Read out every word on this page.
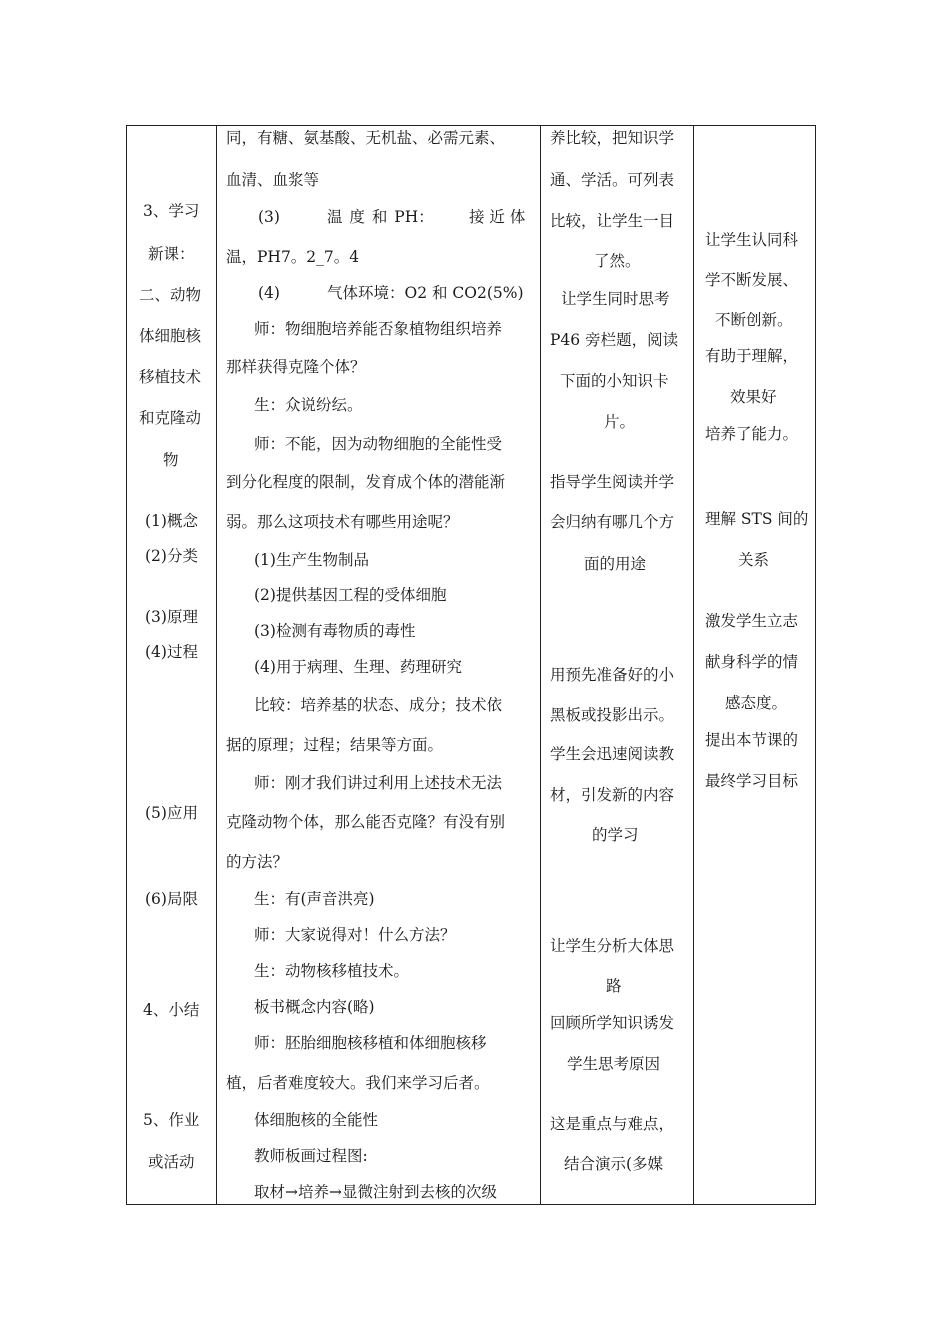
3、学习
新课：
二、动物
体细胞核
移植技术
和克隆动
物
(1)概念
(2)分类
(3)原理
(4)过程
(5)应用
(6)局限
4、小结
5、作业
或活动
同，有糖、氨基酸、无机盐、必需元素、
血清、血浆等
(3)	温 度 和 PH： 接 近 体
温，PH7。2_7。4
(4)	气体环境：O2 和 CO2(5%)
师：物细胞培养能否象植物组织培养
那样获得克隆个体？
生：众说纷纭。
师：不能，因为动物细胞的全能性受
到分化程度的限制，发育成个体的潜能渐
弱。那么这项技术有哪些用途呢？
(1)生产生物制品
(2)提供基因工程的受体细胞
(3)检测有毒物质的毒性
(4)用于病理、生理、药理研究
比较：培养基的状态、成分；技术依
据的原理；过程；结果等方面。
师：刚才我们讲过利用上述技术无法
克隆动物个体，那么能否克隆？有没有别
的方法？
生：有(声音洪亮)
师：大家说得对！什么方法？
生：动物核移植技术。
板书概念内容(略)
师：胚胎细胞核移植和体细胞核移
植，后者难度较大。我们来学习后者。
体细胞核的全能性
教师板画过程图:
取材→培养→显微注射到去核的次级
养比较，把知识学
通、学活。可列表
比较，让学生一目
了然。
让学生同时思考
P46 旁栏题，阅读
下面的小知识卡
片。
指导学生阅读并学
会归纳有哪几个方
面的用途
用预先准备好的小
黑板或投影出示。
学生会迅速阅读教
材，引发新的内容
的学习
让学生分析大体思
路
回顾所学知识诱发
学生思考原因
这是重点与难点，
结合演示(多媒
让学生认同科
学不断发展、
不断创新。
有助于理解，
效果好
培养了能力。
理解 STS 间的
关系
激发学生立志
献身科学的情
感态度。
提出本节课的
最终学习目标
